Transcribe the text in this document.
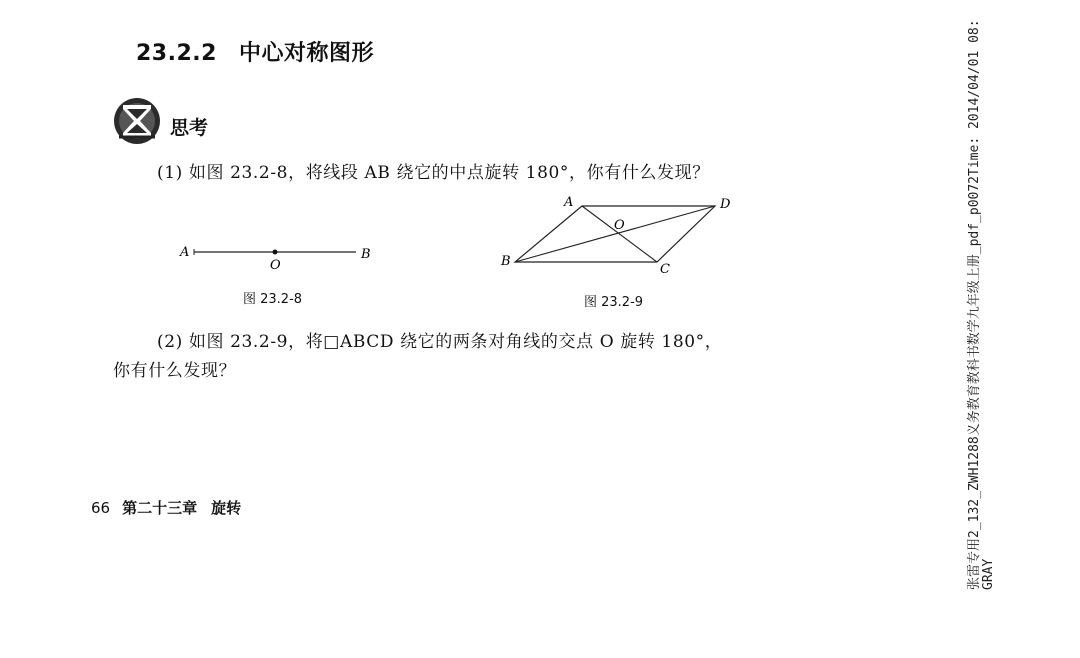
23.2.2 中心对称图形
思考
(1) 如图 23.2-8，将线段 AB 绕它的中点旋转 180°，你有什么发现？
A
O
B
A	D
O
B
C
图 23.2-8	图 23.2-9
(2) 如图 23.2-9，将□ABCD 绕它的两条对角线的交点 O 旋转 180°，
你有什么发现？
66 第二十三章 旋转	张雷专用2_132_ZWH1288义务教育教科书数学九年级上册_pdf_p0072Time: 2014/04/01 08: GRAY
